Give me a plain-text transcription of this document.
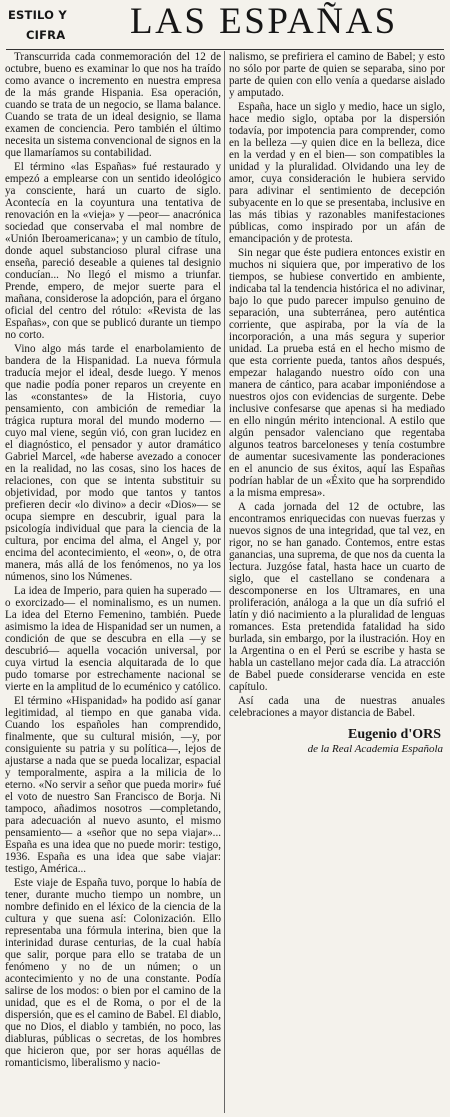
ESTILO Y
CIFRA LAS ESPAÑAS

Transcurrida cada conmemoración del 12 de octubre, bueno es examinar lo que nos ha traído como avance o incremento en nuestra empresa de la más grande Hispania. Esa operación, cuando se trata de un negocio, se llama balance. Cuando se trata de un ideal designio, se llama examen de conciencia. Pero también el último necesita un sistema convencional de signos en la que llamaríamos su contabilidad.

El término «las Españas» fué restaurado y empezó a emplearse con un sentido ideológico ya consciente, hará un cuarto de siglo. Acontecía en la coyuntura una tentativa de renovación en la «vieja» y —peor— anacrónica sociedad que conservaba el mal nombre de «Unión Iberoamericana»; y un cambio de título, donde aquel substancioso plural cifrase una enseña, pareció deseable a quienes tal designio conducían... No llegó el mismo a triunfar. Prende, empero, de mejor suerte para el mañana, considerose la adopción, para el órgano oficial del centro del rótulo: «Revista de las Españas», con que se publicó durante un tiempo no corto.

Vino algo más tarde el enarbolamiento de bandera de la Hispanidad. La nueva fórmula traducía mejor el ideal, desde luego. Y menos que nadie podía poner reparos un creyente en las «constantes» de la Historia, cuyo pensamiento, con ambición de remediar la trágica ruptura moral del mundo moderno —cuyo mal viene, según vió, con gran lucidez en el diagnóstico, el pensador y autor dramático Gabriel Marcel, «de haberse avezado a conocer en la realidad, no las cosas, sino los haces de relaciones, con que se intenta substituir su objetividad, por modo que tantos y tantos prefieren decir «lo divino» a decir «Dios»— se ocupa siempre en descubrir, igual para la psicología individual que para la ciencia de la cultura, por encima del alma, el Angel y, por encima del acontecimiento, el «eon», o, de otra manera, más allá de los fenómenos, no ya los númenos, sino los Númenes.

La idea de Imperio, para quien ha superado —o exorcizado— el nominalismo, es un numen. La idea del Eterno Femenino, también. Puede asimismo la idea de Hispanidad ser un numen, a condición de que se descubra en ella —y se descubrió— aquella vocación universal, por cuya virtud la esencia alquitarada de lo que pudo tomarse por estrechamente nacional se vierte en la amplitud de lo ecuménico y católico.

El término «Hispanidad» ha podido así ganar legitimidad, al tiempo en que ganaba vida. Cuando los españoles han comprendido, finalmente, que su cultural misión, —y, por consiguiente su patria y su política—, lejos de ajustarse a nada que se pueda localizar, espacial y temporalmente, aspira a la milicia de lo eterno. «No servir a señor que pueda morir» fué el voto de nuestro San Francisco de Borja. Ni tampoco, añadimos nosotros —completando, para adecuación al nuevo asunto, el mismo pensamiento— a «señor que no sepa viajar»... España es una idea que no puede morir: testigo, 1936. España es una idea que sabe viajar: testigo, América...

Este viaje de España tuvo, porque lo había de tener, durante mucho tiempo un nombre, un nombre definido en el léxico de la ciencia de la cultura y que suena así: Colonización. Ello representaba una fórmula interina, bien que la interinidad durase centurias, de la cual había que salir, porque para ello se trataba de un fenómeno y no de un númen; o un acontecimiento y no de una constante. Podía salirse de los modos: o bien por el camino de la unidad, que es el de Roma, o por el de la dispersión, que es el camino de Babel. El diablo, que no Dios, el diablo y también, no poco, las diabluras, públicas o secretas, de los hombres que hicieron que, por ser horas aquéllas de romanticismo, liberalismo y nacio-

nalismo, se prefiriera el camino de Babel; y esto no sólo por parte de quien se separaba, sino por parte de quien con ello venía a quedarse aislado y amputado.

España, hace un siglo y medio, hace un siglo, hace medio siglo, optaba por la dispersión todavía, por impotencia para comprender, como en la belleza —y quien dice en la belleza, dice en la verdad y en el bien— son compatibles la unidad y la pluralidad. Olvidando una ley de amor, cuya consideración le hubiera servido para adivinar el sentimiento de decepción subyacente en lo que se presentaba, inclusive en las más tibias y razonables manifestaciones públicas, como inspirado por un afán de emancipación y de protesta.

Sin negar que éste pudiera entonces existir en muchos ni siquiera que, por imperativo de los tiempos, se hubiese convertido en ambiente, indicaba tal la tendencia histórica el no adivinar, bajo lo que pudo parecer impulso genuino de separación, una subterránea, pero auténtica corriente, que aspiraba, por la vía de la incorporación, a una más segura y superior unidad. La prueba está en el hecho mismo de que esta corriente pueda, tantos años después, empezar halagando nuestro oído con una manera de cántico, para acabar imponiéndose a nuestros ojos con evidencias de surgente. Debe inclusive confesarse que apenas si ha mediado en ello ningún mérito intencional. A estilo que algún pensador valenciano que regentaba algunos teatros barceloneses y tenía costumbre de aumentar sucesivamente las ponderaciones en el anuncio de sus éxitos, aquí las Españas podrían hablar de un «Éxito que ha sorprendido a la misma empresa».

A cada jornada del 12 de octubre, las encontramos enriquecidas con nuevas fuerzas y nuevos signos de una integridad, que tal vez, en rigor, no se han ganado. Contemos, entre estas ganancias, una suprema, de que nos da cuenta la lectura. Juzgóse fatal, hasta hace un cuarto de siglo, que el castellano se condenara a descomponerse en los Ultramares, en una proliferación, análoga a la que un día sufrió el latín y dió nacimiento a la pluralidad de lenguas romances. Esta pretendida fatalidad ha sido burlada, sin embargo, por la ilustración. Hoy en la Argentina o en el Perú se escribe y hasta se habla un castellano mejor cada día. La atracción de Babel puede considerarse vencida en este capítulo.

Así cada una de nuestras anuales celebraciones a mayor distancia de Babel.

Eugenio d'ORS
de la Real Academia Española
